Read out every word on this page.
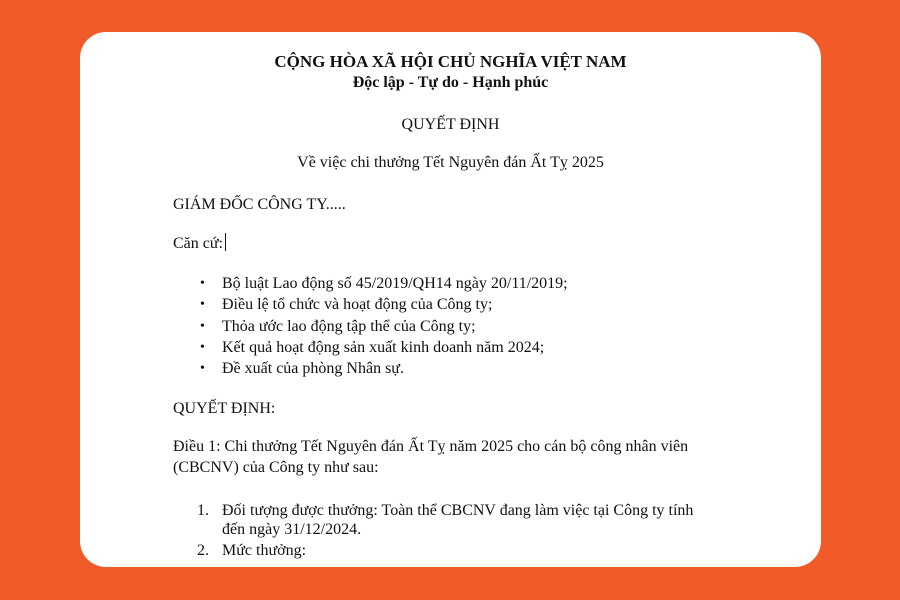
CỘNG HÒA XÃ HỘI CHỦ NGHĨA VIỆT NAM
Độc lập - Tự do - Hạnh phúc
QUYẾT ĐỊNH
Về việc chi thưởng Tết Nguyên đán Ất Tỵ 2025
GIÁM ĐỐC CÔNG TY.....
Căn cứ:
• Bộ luật Lao động số 45/2019/QH14 ngày 20/11/2019;
• Điều lệ tổ chức và hoạt động của Công ty;
• Thỏa ước lao động tập thể của Công ty;
• Kết quả hoạt động sản xuất kinh doanh năm 2024;
• Đề xuất của phòng Nhân sự.
QUYẾT ĐỊNH:
Điều 1: Chi thưởng Tết Nguyên đán Ất Tỵ năm 2025 cho cán bộ công nhân viên
(CBCNV) của Công ty như sau:
1. Đối tượng được thưởng: Toàn thể CBCNV đang làm việc tại Công ty tính
đến ngày 31/12/2024.
2. Mức thưởng:
